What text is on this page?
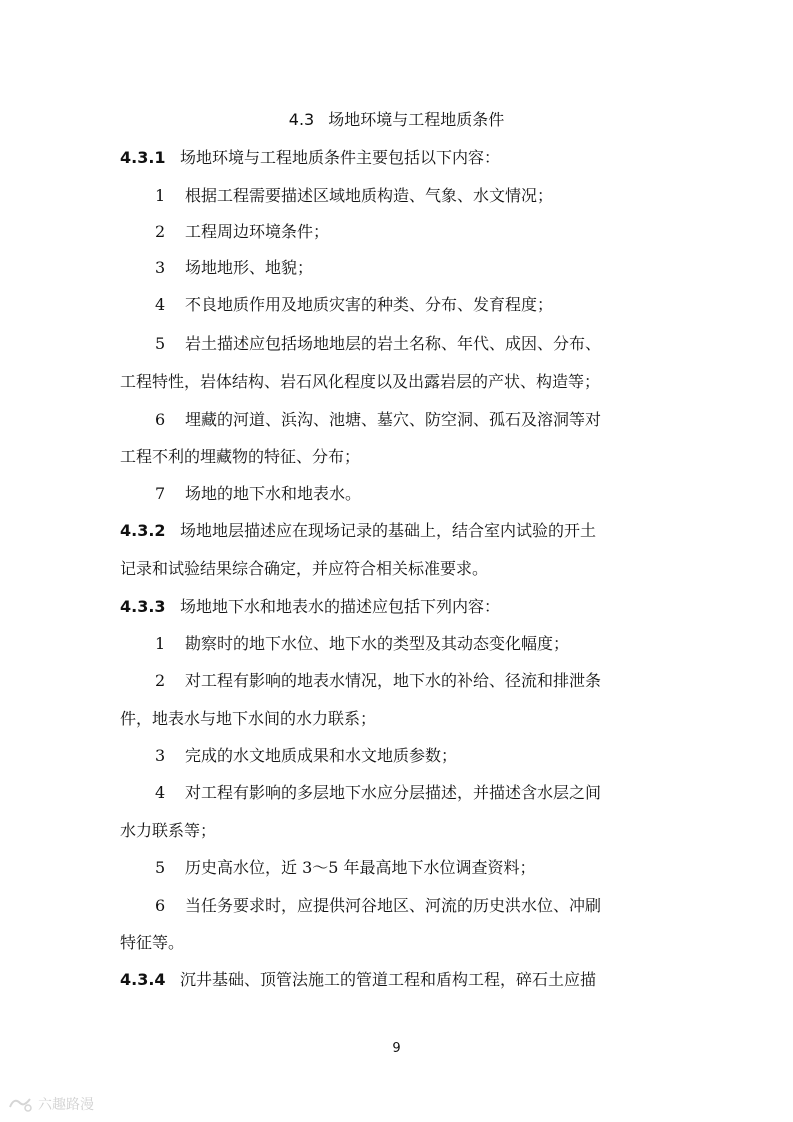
4.3 场地环境与工程地质条件
4.3.1 场地环境与工程地质条件主要包括以下内容：
1 根据工程需要描述区域地质构造、气象、水文情况；
2 工程周边环境条件；
3 场地地形、地貌；
4 不良地质作用及地质灾害的种类、分布、发育程度；
5 岩土描述应包括场地地层的岩土名称、年代、成因、分布、
工程特性，岩体结构、岩石风化程度以及出露岩层的产状、构造等；
6 埋藏的河道、浜沟、池塘、墓穴、防空洞、孤石及溶洞等对
工程不利的埋藏物的特征、分布；
7 场地的地下水和地表水。
4.3.2 场地地层描述应在现场记录的基础上，结合室内试验的开土
记录和试验结果综合确定，并应符合相关标准要求。
4.3.3 场地地下水和地表水的描述应包括下列内容：
1 勘察时的地下水位、地下水的类型及其动态变化幅度；
2 对工程有影响的地表水情况，地下水的补给、径流和排泄条
件，地表水与地下水间的水力联系；
3 完成的水文地质成果和水文地质参数；
4 对工程有影响的多层地下水应分层描述，并描述含水层之间
水力联系等；
5 历史高水位，近 3～5 年最高地下水位调查资料；
6 当任务要求时，应提供河谷地区、河流的历史洪水位、冲刷
特征等。
4.3.4 沉井基础、顶管法施工的管道工程和盾构工程，碎石土应描
9
六趣路漫
